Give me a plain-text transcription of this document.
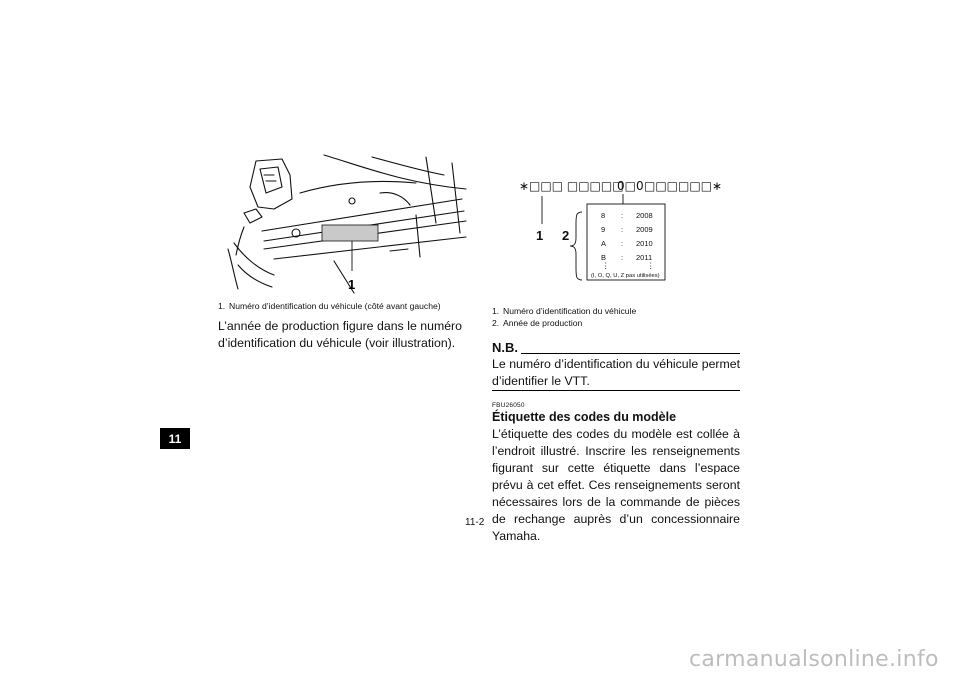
11
1
1. Numéro d’identification du véhicule (côté avant gauche)
L’année de production figure dans le numéro d’identification du véhicule (voir illustration).
∗□□□ □□□□□
0□0 □□□□□□∗
1 2
8 : 2008
9 : 2009
A : 2010
B : 2011
⋮	⋮
(I, O, Q, U, Z pas utilisées)
1. Numéro d’identification du véhicule
2. Année de production
N.B.
Le numéro d’identification du véhicule permet d’identifier le VTT.
FBU26050
Étiquette des codes du modèle
L’étiquette des codes du modèle est collée à l’endroit illustré. Inscrire les renseignements figurant sur cette étiquette dans l’espace prévu à cet effet. Ces renseignements seront nécessaires lors de la commande de pièces de rechange auprès d’un concessionnaire Yamaha.
11-2
carmanualsonline.info
